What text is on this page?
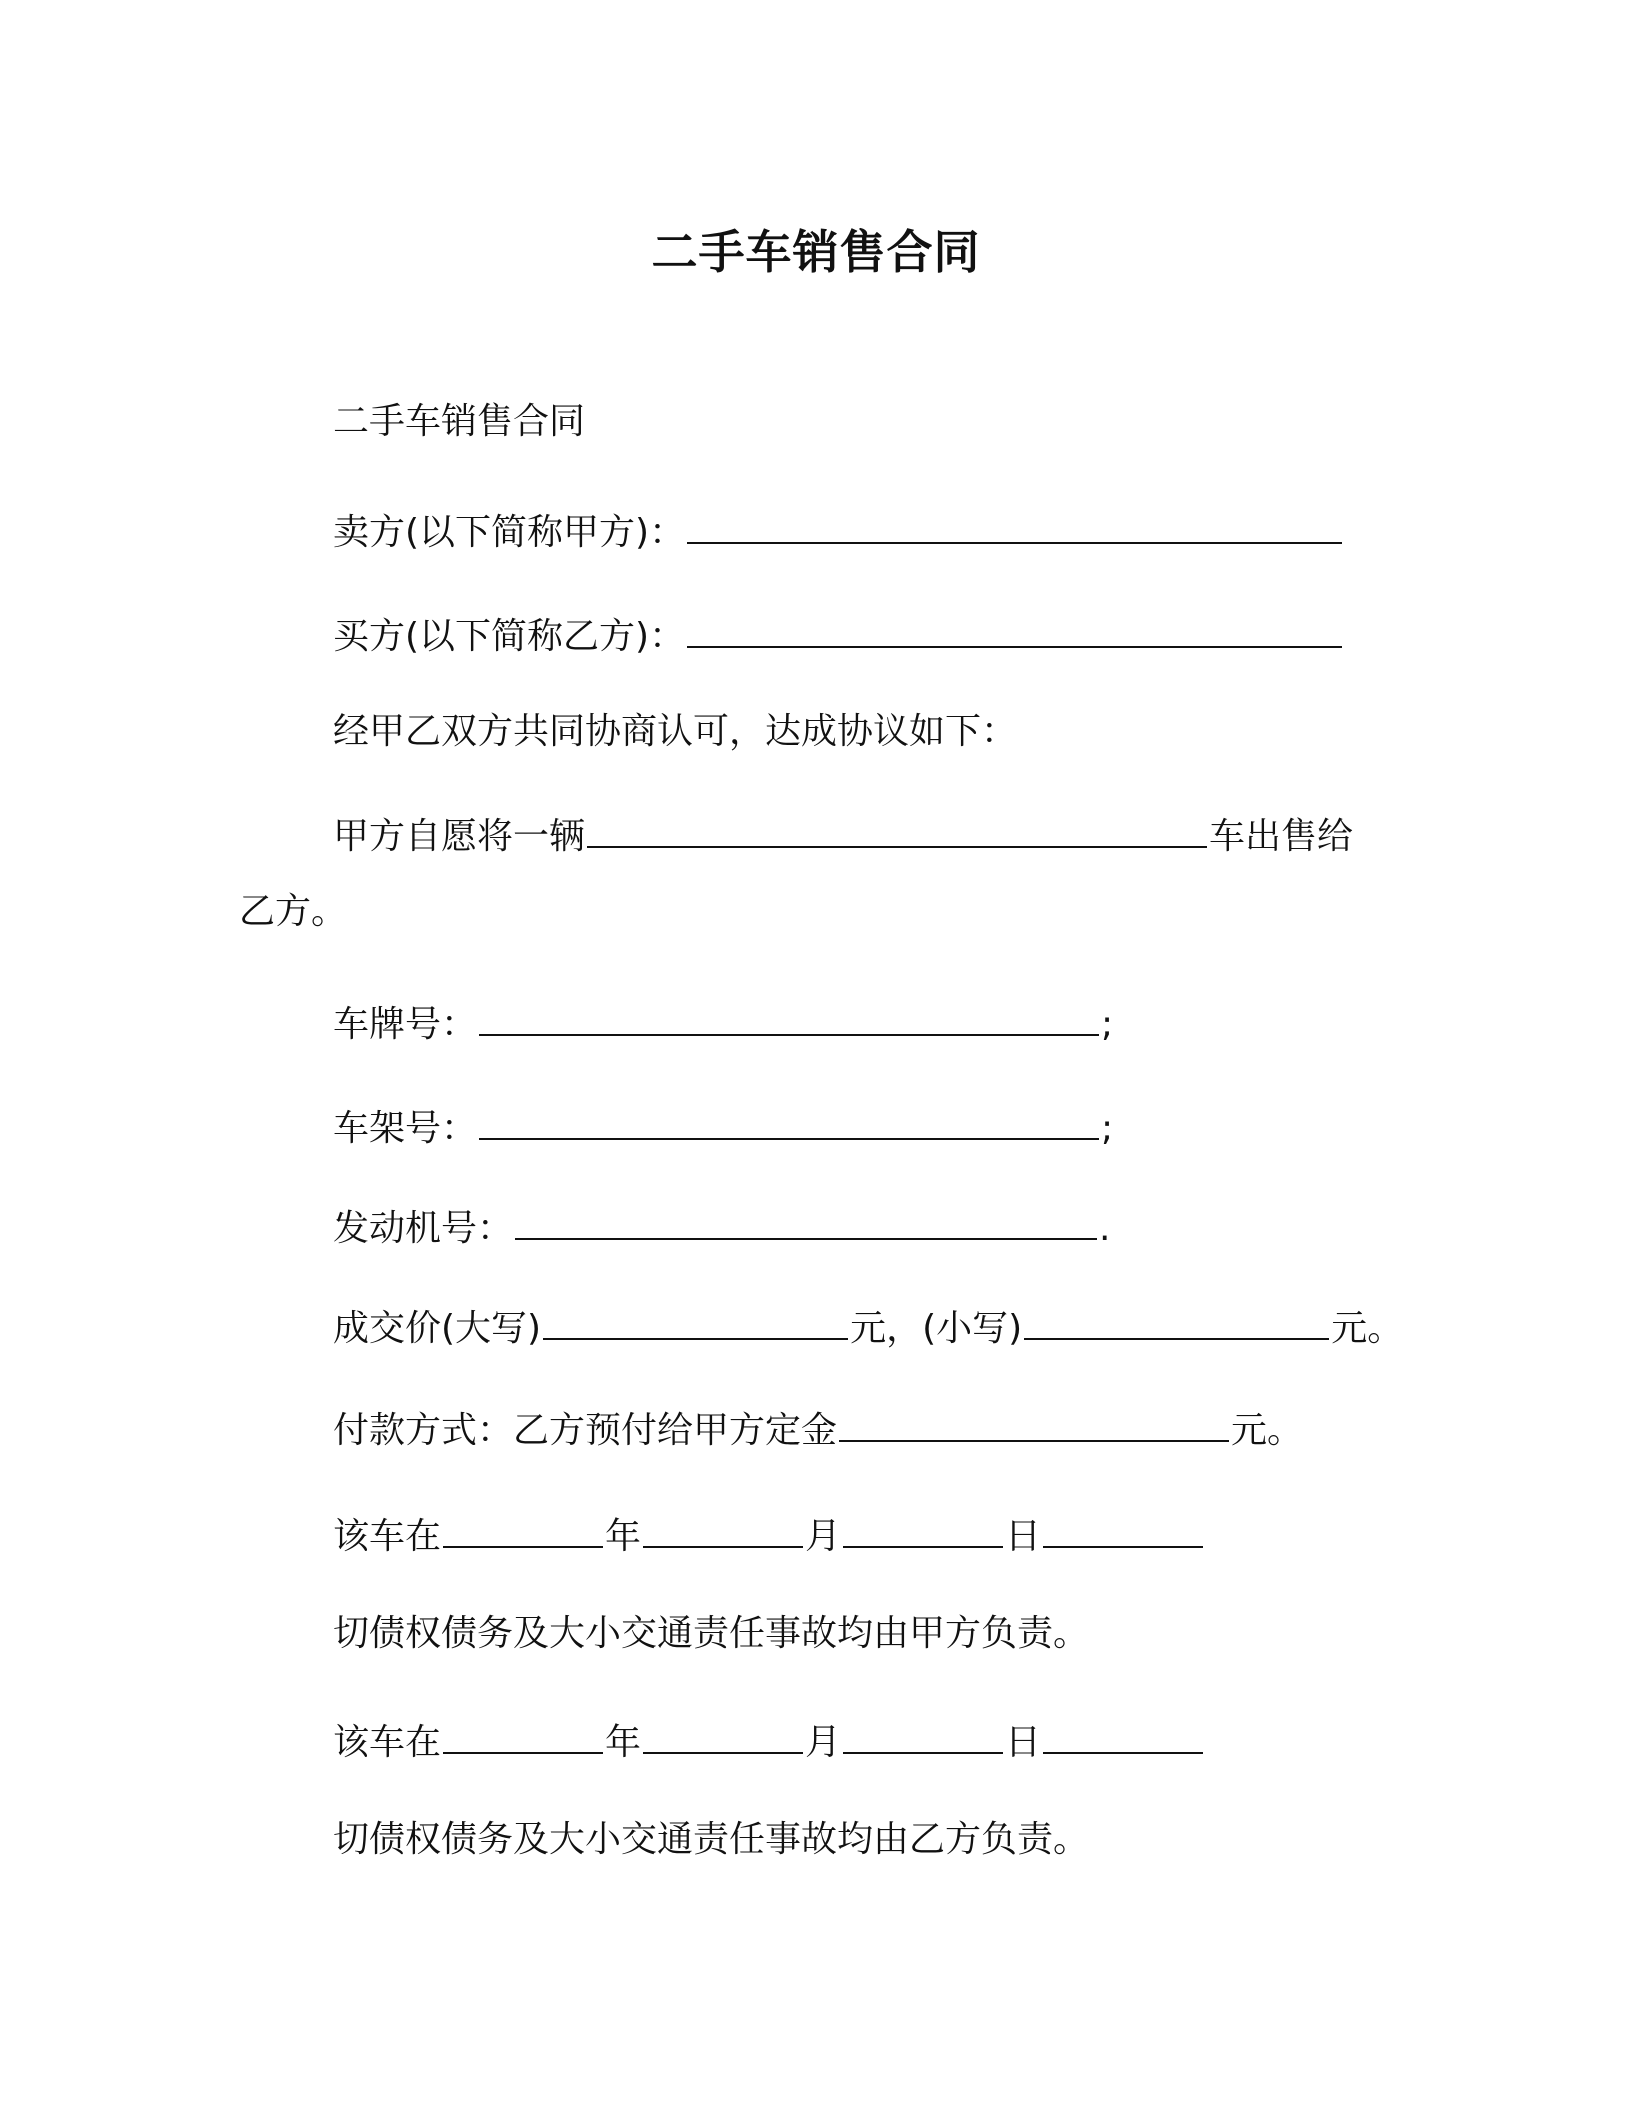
二手车销售合同
二手车销售合同
卖方(以下简称甲方)：
买方(以下简称乙方)：
经甲乙双方共同协商认可，达成协议如下：
甲方自愿将一辆	车出售给
乙方。
车牌号：	;
车架号：	;
发动机号：	.
成交价(大写)	元，(小写)	元。
付款方式：乙方预付给甲方定金	元。
该车在	年	月	日
切债权债务及大小交通责任事故均由甲方负责。
该车在	年	月	日
切债权债务及大小交通责任事故均由乙方负责。
